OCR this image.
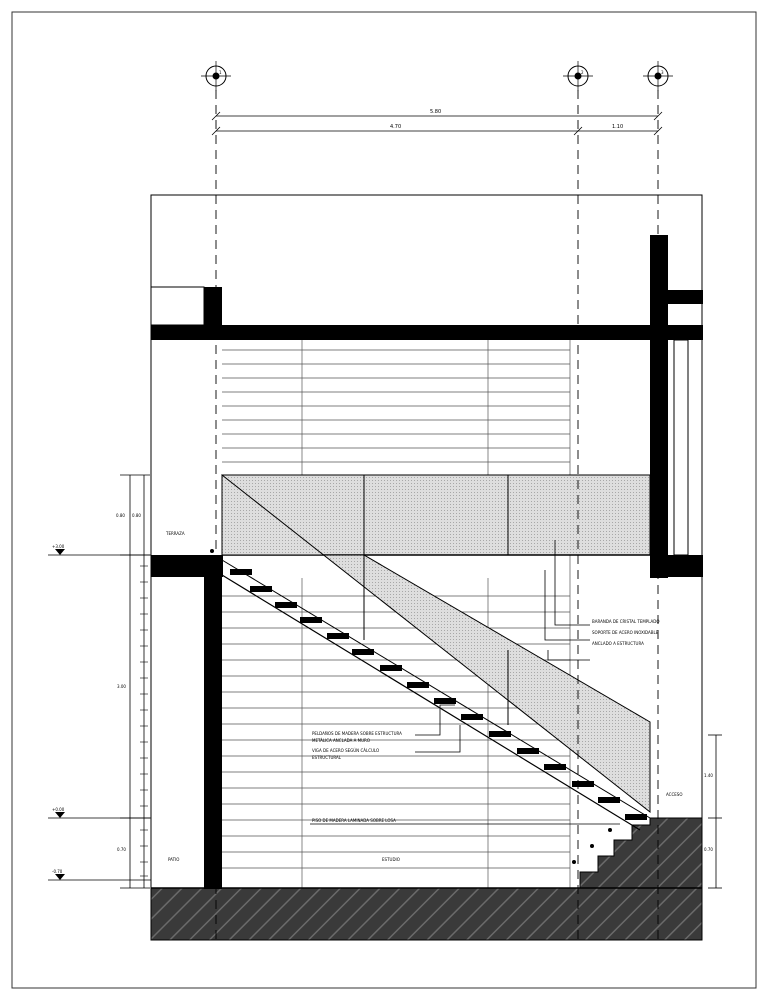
BARANDA DE CRISTAL TEMPLADO
SOPORTE DE ACERO INOXIDABLE
ANCLADO A ESTRUCTURA
PELDAÑOS DE MADERA SOBRE ESTRUCTURA
METÁLICA ANCLADA A MURO
VIGA DE ACERO SEGÚN CÁLCULO
ESTRUCTURAL
PISO DE MADERA LAMINADA SOBRE LOSA
TERRAZA
PATIO	ESTUDIO
ACCESO
1	2	3
5.80
4.70	1.10
0.80 0.80
3.00
0.70
1.40
0.70
+3.00
+0.00
-0.70
